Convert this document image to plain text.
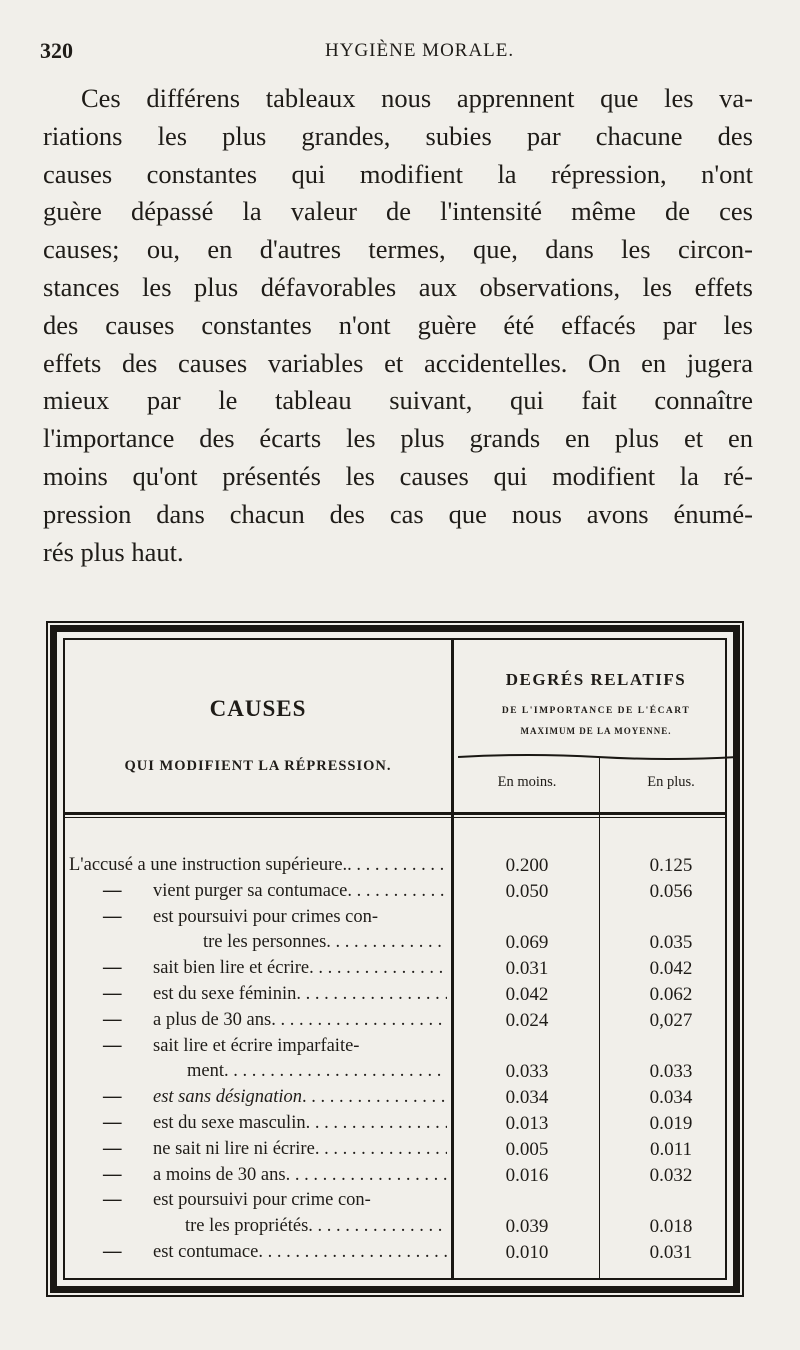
320	HYGIÈNE MORALE.
Ces différens tableaux nous apprennent que les va-
riations les plus grandes, subies par chacune des
causes constantes qui modifient la répression, n'ont
guère dépassé la valeur de l'intensité même de ces
causes; ou, en d'autres termes, que, dans les circon-
stances les plus défavorables aux observations, les effets
des causes constantes n'ont guère été effacés par les
effets des causes variables et accidentelles. On en jugera
mieux par le tableau suivant, qui fait connaître
l'importance des écarts les plus grands en plus et en
moins qu'ont présentés les causes qui modifient la ré-
pression dans chacun des cas que nous avons énumé-
rés plus haut.
CAUSES
QUI MODIFIENT LA RÉPRESSION.
DEGRÉS RELATIFS
DE L'IMPORTANCE DE L'ÉCART
MAXIMUM DE LA MOYENNE.
En moins.	En plus.
L'accusé a une instruction supérieure. . . .	0.200	0.125
— vient purger sa contumace . . .	0.050	0.056
— est poursuivi pour crimes con-
tre les personnes . . .	0.069	0.035
— sait bien lire et écrire . . .	0.031	0.042
— est du sexe féminin . . .	0.042	0.062
— a plus de 30 ans . . .	0.024	0,027
— sait lire et écrire imparfaite-
ment . . .	0.033	0.033
— est sans désignation . . .	0.034	0.034
— est du sexe masculin . . .	0.013	0.019
— ne sait ni lire ni écrire . . .	0.005	0.011
— a moins de 30 ans . . .	0.016	0.032
— est poursuivi pour crime con-
tre les propriétés . . .	0.039	0.018
— est contumace . . .	0.010	0.031
